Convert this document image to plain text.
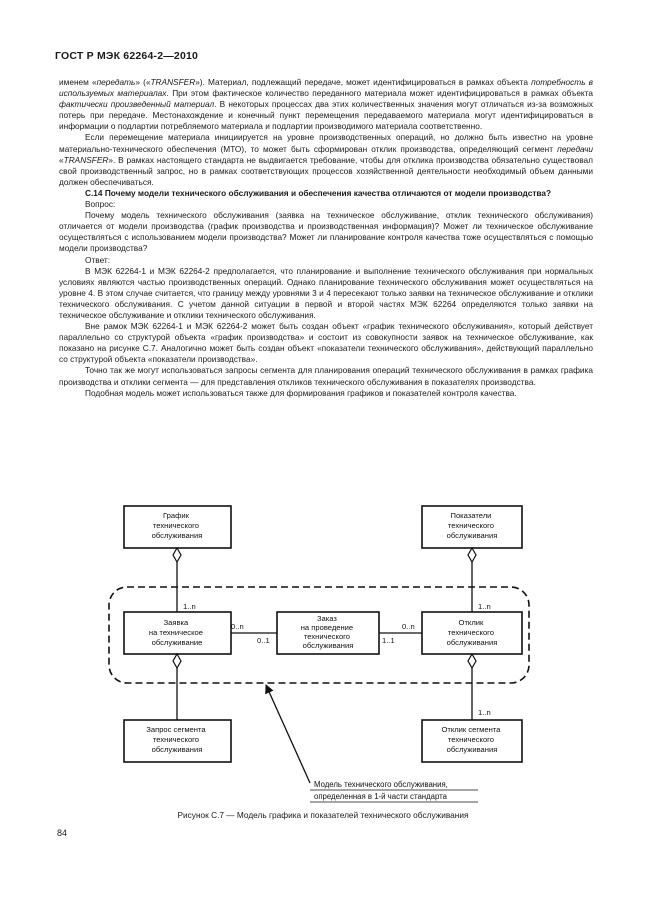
ГОСТ Р МЭК 62264-2—2010

именем «передать» («TRANSFER»). Материал, подлежащий передаче, может идентифицироваться в рамках объекта потребность в используемых материалах. При этом фактическое количество переданного материала может идентифицироваться в рамках объекта фактически произведенный материал. В некоторых процессах два этих количественных значения могут отличаться из-за возможных потерь при передаче. Местонахождение и конечный пункт перемещения передаваемого материала могут идентифицироваться в информации о подлартии потребляемого материала и подлартии производимого материала соответственно.

Если перемещение материала инициируется на уровне производственных операций, но должно быть известно на уровне материально-технического обеспечения (МТО), то может быть сформирован отклик производства, определяющий сегмент передачи «TRANSFER». В рамках настоящего стандарта не выдвигается требование, чтобы для отклика производства обязательно существовал свой производственный запрос, но в рамках соответствующих процессов хозяйственной деятельности необходимый объем данными должен обеспечиваться.

С.14 Почему модели технического обслуживания и обеспечения качества отличаются от модели производства?

Вопрос:

Почему модель технического обслуживания (заявка на техническое обслуживание, отклик технического обслуживания) отличается от модели производства (график производства и производственная информация)? Может ли техническое обслуживание осуществляться с использованием модели производства? Может ли планирование контроля качества тоже осуществляться с помощью модели производства?

Ответ:

В МЭК 62264-1 и МЭК 62264-2 предполагается, что планирование и выполнение технического обслуживания при нормальных условиях являются частью производственных операций. Однако планирование технического обслуживания может осуществляться на уровне 4. В этом случае считается, что границу между уровнями 3 и 4 пересекают только заявки на техническое обслуживание и отклики технического обслуживания. С учетом данной ситуации в первой и второй частях МЭК 62264 определяются только заявки на техническое обслуживание и отклики технического обслуживания.

Вне рамок МЭК 62264-1 и МЭК 62264-2 может быть создан объект «график технического обслуживания», который действует параллельно со структурой объекта «график производства» и состоит из совокупности заявок на техническое обслуживание, как показано на рисунке С.7. Аналогично может быть создан объект «показатели технического обслуживания», действующий параллельно со структурой объекта «показатели производства».

Точно так же могут использоваться запросы сегмента для планирования операций технического обслуживания в рамках графика производства и отклики сегмента — для представления откликов технического обслуживания в показателях производства.

Подобная модель может использоваться также для формирования графиков и показателей контроля качества.

График технического обслуживания
Показатели технического обслуживания
Заявка на техническое обслуживание
Заказ на проведение технического обслуживания
Отклик технического обслуживания
Запрос сегмента технического обслуживания
Отклик сегмента технического обслуживания
1..n	1..n
0..n
0..1	1..1
0..n
1..n
Модель технического обслуживания, определенная в 1-й части стандарта
Рисунок С.7 — Модель графика и показателей технического обслуживания
84
